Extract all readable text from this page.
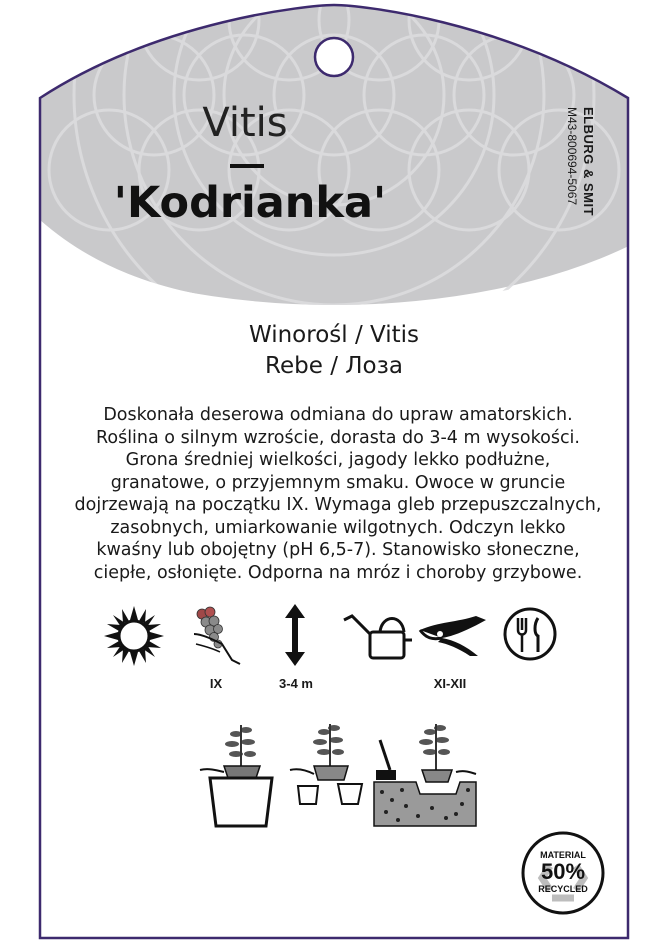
Vitis
'Kodrianka'	ELBURG & SMIT
M43-800694-5067
Winorośl / Vitis
Rebe / Лоза
Doskonała deserowa odmiana do upraw amatorskich.
Roślina o silnym wzroście, dorasta do 3-4 m wysokości.
Grona średniej wielkości, jagody lekko podłużne,
granatowe, o przyjemnym smaku. Owoce w gruncie
dojrzewają na początku IX. Wymaga gleb przepuszczalnych,
zasobnych, umiarkowanie wilgotnych. Odczyn lekko
kwaśny lub obojętny (pH 6,5-7). Stanowisko słoneczne,
ciepłe, osłonięte. Odporna na mróz i choroby grzybowe.
IX	3-4 m	XI-XII
MATERIAL
50%
RECYCLED
